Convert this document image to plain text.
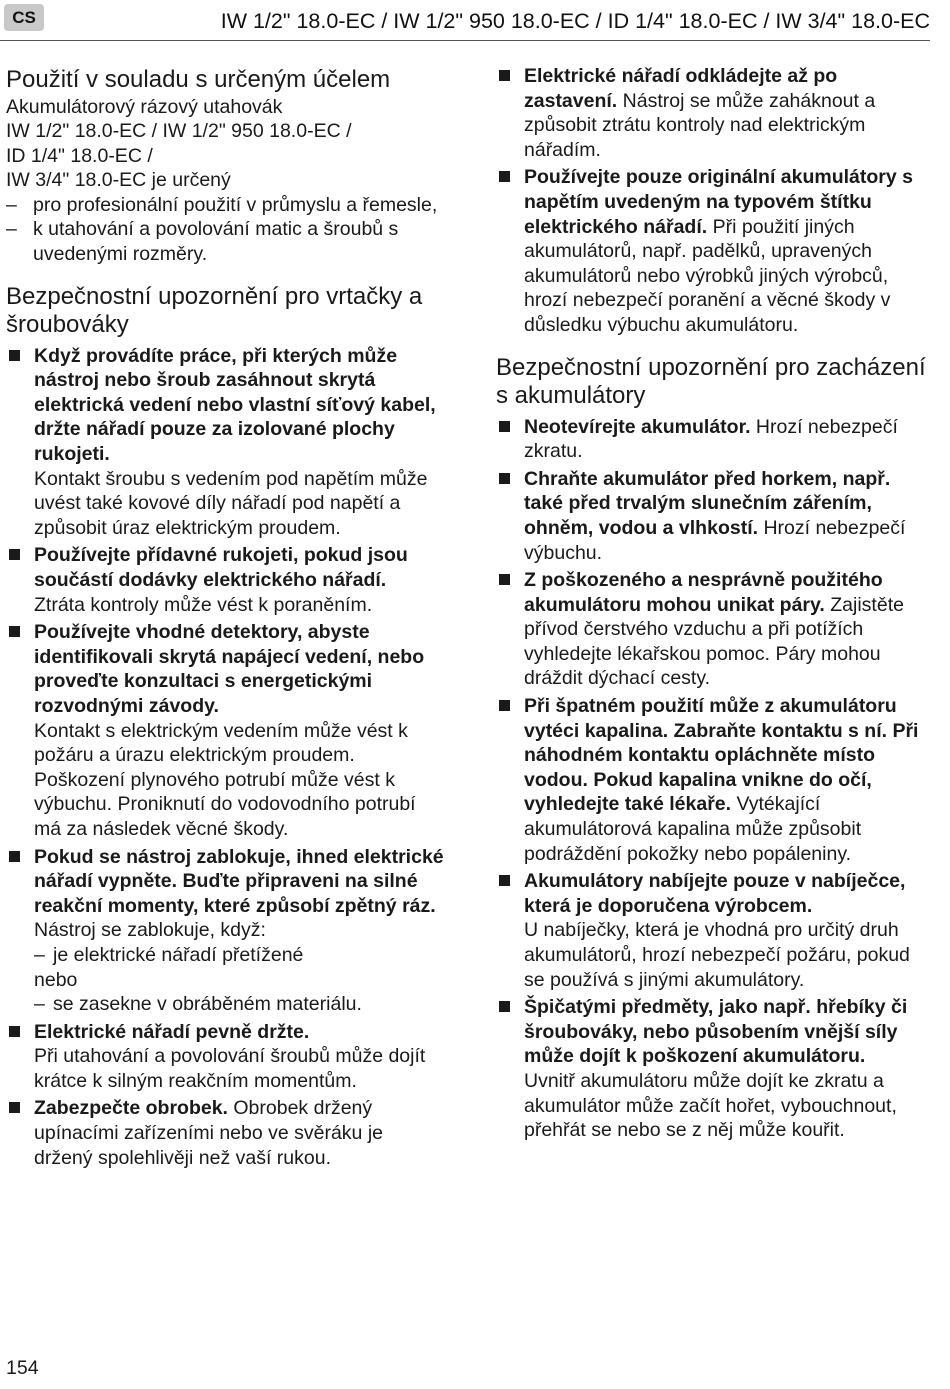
CS	IW 1/2" 18.0-EC / IW 1/2" 950 18.0-EC / ID 1/4" 18.0-EC / IW 3/4" 18.0-EC
Použití v souladu s určeným účelem

Akumulátorový rázový utahovák

IW 1/2" 18.0-EC / IW 1/2" 950 18.0-EC /

ID 1/4" 18.0-EC /

IW 3/4" 18.0-EC je určený

– pro profesionální použití v průmyslu a řemesle,
– k utahování a povolování matic a šroubů s uvedenými rozměry.
Bezpečnostní upozornění pro vrtačky a šroubováky
Když provádíte práce, při kterých může nástroj nebo šroub zasáhnout skrytá elektrická vedení nebo vlastní síťový kabel, držte nářadí pouze za izolované plochy rukojeti.
Kontakt šroubu s vedením pod napětím může uvést také kovové díly nářadí pod napětí a způsobit úraz elektrickým proudem.
Používejte přídavné rukojeti, pokud jsou součástí dodávky elektrického nářadí.
Ztráta kontroly může vést k poraněním.
Používejte vhodné detektory, abyste identifikovali skrytá napájecí vedení, nebo proveďte konzultaci s energetickými rozvodnými závody.
Kontakt s elektrickým vedením může vést k požáru a úrazu elektrickým proudem. Poškození plynového potrubí může vést k výbuchu. Proniknutí do vodovodního potrubí má za následek věcné škody.
Pokud se nástroj zablokuje, ihned elektrické nářadí vypněte. Buďte připraveni na silné reakční momenty, které způsobí zpětný ráz. Nástroj se zablokuje, když:
– je elektrické nářadí přetížené
nebo
– se zasekne v obráběném materiálu.
Elektrické nářadí pevně držte.
Při utahování a povolování šroubů může dojít krátce k silným reakčním momentům.
Zabezpečte obrobek. Obrobek držený upínacími zařízeními nebo ve svěráku je držený spolehlivěji než vaší rukou.
Elektrické nářadí odkládejte až po zastavení. Nástroj se může zaháknout a způsobit ztrátu kontroly nad elektrickým nářadím.
Používejte pouze originální akumulátory s napětím uvedeným na typovém štítku elektrického nářadí. Při použití jiných akumulátorů, např. padělků, upravených akumulátorů nebo výrobků jiných výrobců, hrozí nebezpečí poranění a věcné škody v důsledku výbuchu akumulátoru.
Bezpečnostní upozornění pro zacházení s akumulátory
Neotevírejte akumulátor. Hrozí nebezpečí zkratu.
Chraňte akumulátor před horkem, např. také před trvalým slunečním zářením, ohněm, vodou a vlhkostí. Hrozí nebezpečí výbuchu.
Z poškozeného a nesprávně použitého akumulátoru mohou unikat páry. Zajistěte přívod čerstvého vzduchu a při potížích vyhledejte lékařskou pomoc. Páry mohou dráždit dýchací cesty.
Při špatném použití může z akumulátoru vytéci kapalina. Zabraňte kontaktu s ní. Při náhodném kontaktu opláchněte místo vodou. Pokud kapalina vnikne do očí, vyhledejte také lékaře. Vytékající akumulátorová kapalina může způsobit podráždění pokožky nebo popáleniny.
Akumulátory nabíjejte pouze v nabíječce, která je doporučena výrobcem.
U nabíječky, která je vhodná pro určitý druh akumulátorů, hrozí nebezpečí požáru, pokud se používá s jinými akumulátory.
Špičatými předměty, jako např. hřebíky či šroubováky, nebo působením vnější síly může dojít k poškození akumulátoru.
Uvnitř akumulátoru může dojít ke zkratu a akumulátor může začít hořet, vybouchnout, přehřát se nebo se z něj může kouřit.
154
